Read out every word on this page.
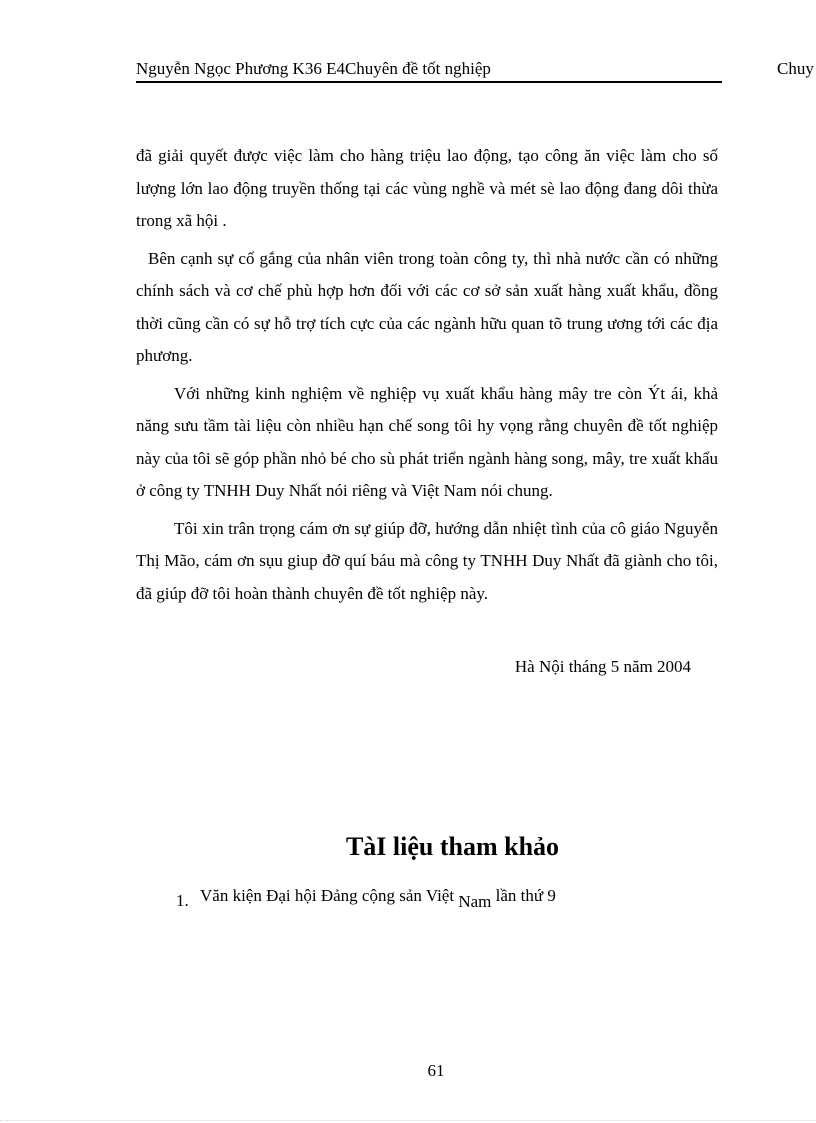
Nguyễn Ngọc Phương K36 E4Chuyên đề tốt nghiệp	Chuy

đã giải quyết được việc làm cho hàng triệu lao động, tạo công ăn việc làm cho số lượng lớn lao động truyền thống tại các vùng nghề và mét sè lao động đang dôi thừa trong xã hội .

Bên cạnh sự cố gắng của nhân viên trong toàn công ty, thì nhà nước cần có những chính sách và cơ chế phù hợp hơn đối với các cơ sở sản xuất hàng xuất khẩu, đồng thời cũng cần có sự hỗ trợ tích cực của các ngành hữu quan tõ trung ương tới các địa phương.

Với những kinh nghiệm về nghiệp vụ xuất khẩu hàng mây tre còn Ýt ái, khả năng sưu tầm tài liệu còn nhiều hạn chế song tôi hy vọng rằng chuyên đề tốt nghiệp này của tôi sẽ góp phần nhỏ bé cho sù phát triển ngành hàng song, mây, tre xuất khẩu ở công ty TNHH Duy Nhất nói riêng và Việt Nam nói chung.

Tôi xin trân trọng cám ơn sự giúp đỡ, hướng dẫn nhiệt tình của cô giáo Nguyễn Thị Mão, cám ơn sụu giup đỡ quí báu mà công ty TNHH Duy Nhất đã giành cho tôi, đã giúp đỡ tôi hoàn thành chuyên đề tốt nghiệp này.

Hà Nội tháng 5 năm 2004
TàI liệu tham khảo
1. Văn kiện Đại hội Đảng cộng sản Việt Nam lần thứ 9
61
